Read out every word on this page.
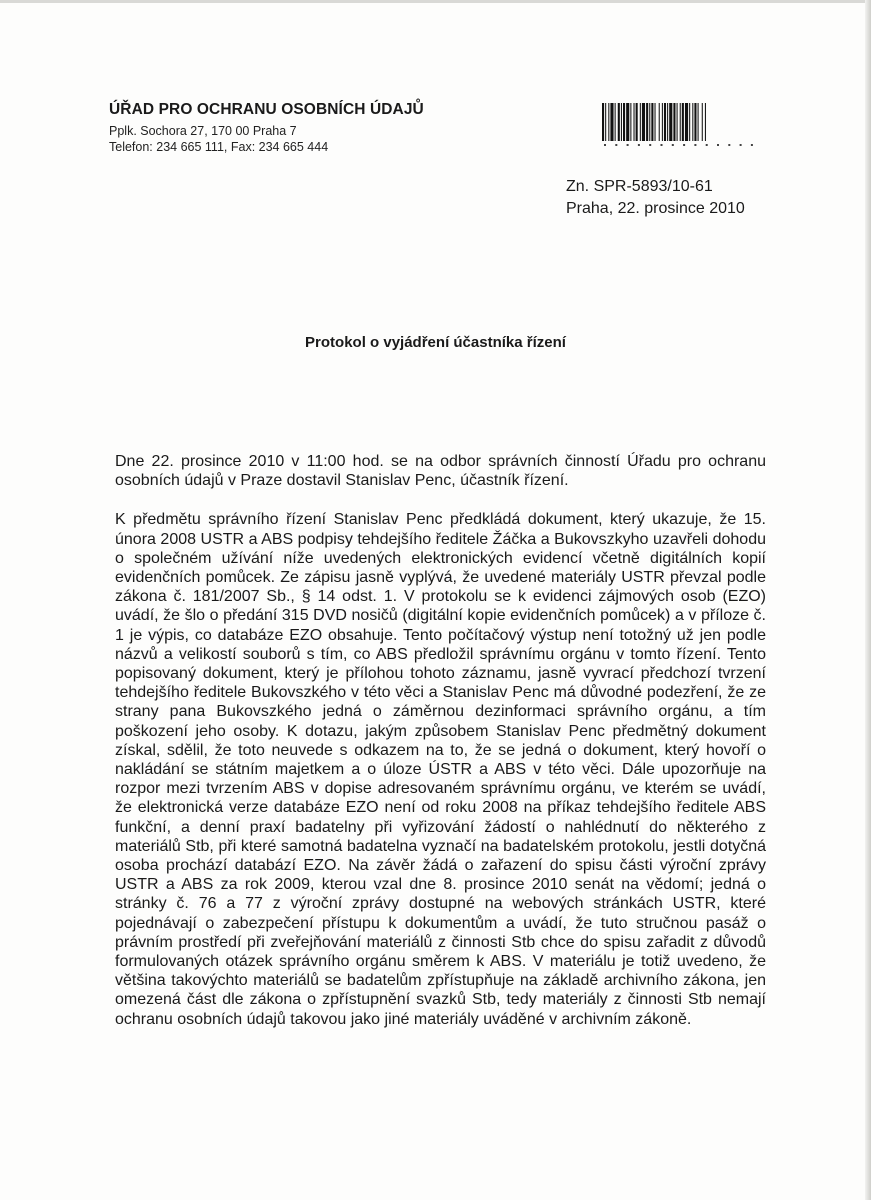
ÚŘAD PRO OCHRANU OSOBNÍCH ÚDAJŮ

Pplk. Sochora 27, 170 00 Praha 7

Telefon: 234 665 111, Fax: 234 665 444

Zn. SPR-5893/10-61
Praha, 22. prosince 2010
Protokol o vyjádření účastníka řízení

Dne 22. prosince 2010 v 11:00 hod. se na odbor správních činností Úřadu pro ochranu osobních údajů v Praze dostavil Stanislav Penc, účastník řízení.

K předmětu správního řízení Stanislav Penc předkládá dokument, který ukazuje, že 15. února 2008 USTR a ABS podpisy tehdejšího ředitele Žáčka a Bukovszkyho uzavřeli dohodu o společném užívání níže uvedených elektronických evidencí včetně digitálních kopií evidenčních pomůcek. Ze zápisu jasně vyplývá, že uvedené materiály USTR převzal podle zákona č. 181/2007 Sb., § 14 odst. 1. V protokolu se k evidenci zájmových osob (EZO) uvádí, že šlo o předání 315 DVD nosičů (digitální kopie evidenčních pomůcek) a v příloze č. 1 je výpis, co databáze EZO obsahuje. Tento počítačový výstup není totožný už jen podle názvů a velikostí souborů s tím, co ABS předložil správnímu orgánu v tomto řízení. Tento popisovaný dokument, který je přílohou tohoto záznamu, jasně vyvrací předchozí tvrzení tehdejšího ředitele Bukovszkého v této věci a Stanislav Penc má důvodné podezření, že ze strany pana Bukovszkého jedná o záměrnou dezinformaci správního orgánu, a tím poškození jeho osoby. K dotazu, jakým způsobem Stanislav Penc předmětný dokument získal, sdělil, že toto neuvede s odkazem na to, že se jedná o dokument, který hovoří o nakládání se státním majetkem a o úloze ÚSTR a ABS v této věci. Dále upozorňuje na rozpor mezi tvrzením ABS v dopise adresovaném správnímu orgánu, ve kterém se uvádí, že elektronická verze databáze EZO není od roku 2008 na příkaz tehdejšího ředitele ABS funkční, a denní praxí badatelny při vyřizování žádostí o nahlédnutí do některého z materiálů Stb, při které samotná badatelna vyznačí na badatelském protokolu, jestli dotyčná osoba prochází databází EZO. Na závěr žádá o zařazení do spisu části výroční zprávy USTR a ABS za rok 2009, kterou vzal dne 8. prosince 2010 senát na vědomí; jedná o stránky č. 76 a 77 z výroční zprávy dostupné na webových stránkách USTR, které pojednávají o zabezpečení přístupu k dokumentům a uvádí, že tuto stručnou pasáž o právním prostředí při zveřejňování materiálů z činnosti Stb chce do spisu zařadit z důvodů formulovaných otázek správního orgánu směrem k ABS. V materiálu je totiž uvedeno, že většina takovýchto materiálů se badatelům zpřístupňuje na základě archivního zákona, jen omezená část dle zákona o zpřístupnění svazků Stb, tedy materiály z činnosti Stb nemají ochranu osobních údajů takovou jako jiné materiály uváděné v archivním zákoně.
